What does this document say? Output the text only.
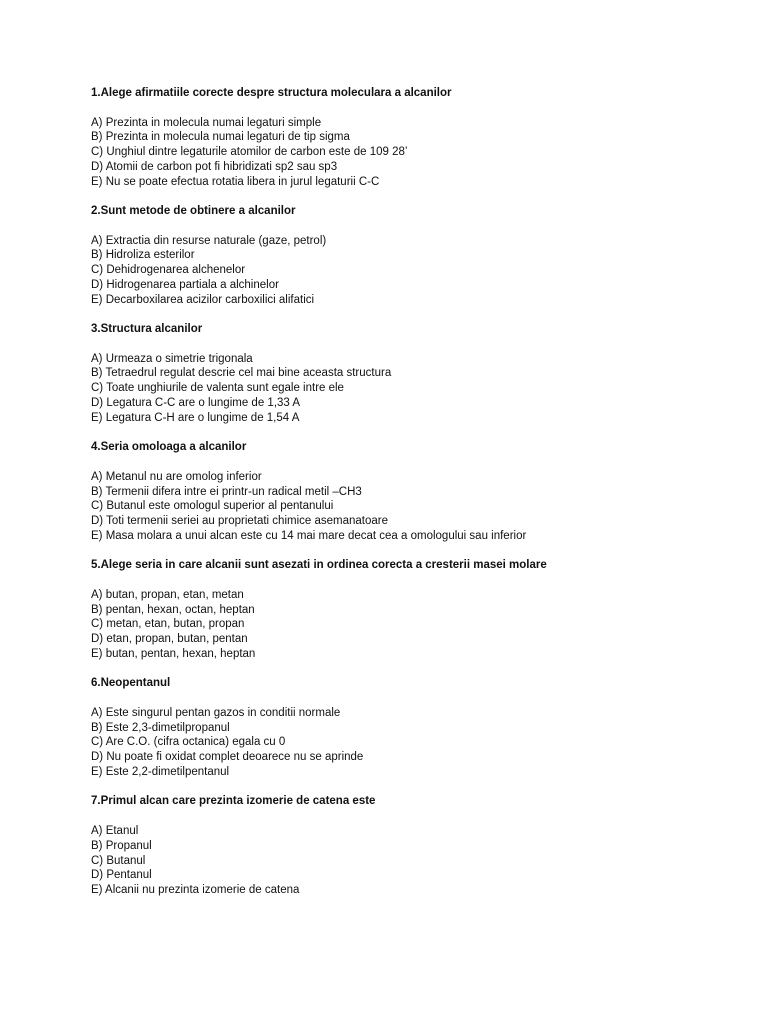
1.Alege afirmatiile corecte despre structura moleculara a alcanilor

A) Prezinta in molecula numai legaturi simple
B) Prezinta in molecula numai legaturi de tip sigma
C) Unghiul dintre legaturile atomilor de carbon este de 109 28’
D) Atomii de carbon pot fi hibridizati sp2 sau sp3
E) Nu se poate efectua rotatia libera in jurul legaturii C-C

2.Sunt metode de obtinere a alcanilor

A) Extractia din resurse naturale (gaze, petrol)
B) Hidroliza esterilor
C) Dehidrogenarea alchenelor
D) Hidrogenarea partiala a alchinelor
E) Decarboxilarea acizilor carboxilici alifatici

3.Structura alcanilor

A) Urmeaza o simetrie trigonala
B) Tetraedrul regulat descrie cel mai bine aceasta structura
C) Toate unghiurile de valenta sunt egale intre ele
D) Legatura C-C are o lungime de 1,33 A
E) Legatura C-H are o lungime de 1,54 A

4.Seria omoloaga a alcanilor

A) Metanul nu are omolog inferior
B) Termenii difera intre ei printr-un radical metil –CH3
C) Butanul este omologul superior al pentanului
D) Toti termenii seriei au proprietati chimice asemanatoare
E) Masa molara a unui alcan este cu 14 mai mare decat cea a omologului sau inferior

5.Alege seria in care alcanii sunt asezati in ordinea corecta a cresterii masei molare

A) butan, propan, etan, metan
B) pentan, hexan, octan, heptan
C) metan, etan, butan, propan
D) etan, propan, butan, pentan
E) butan, pentan, hexan, heptan

6.Neopentanul

A) Este singurul pentan gazos in conditii normale
B) Este 2,3-dimetilpropanul
C) Are C.O. (cifra octanica) egala cu 0
D) Nu poate fi oxidat complet deoarece nu se aprinde
E) Este 2,2-dimetilpentanul

7.Primul alcan care prezinta izomerie de catena este

A) Etanul
B) Propanul
C) Butanul
D) Pentanul
E) Alcanii nu prezinta izomerie de catena
